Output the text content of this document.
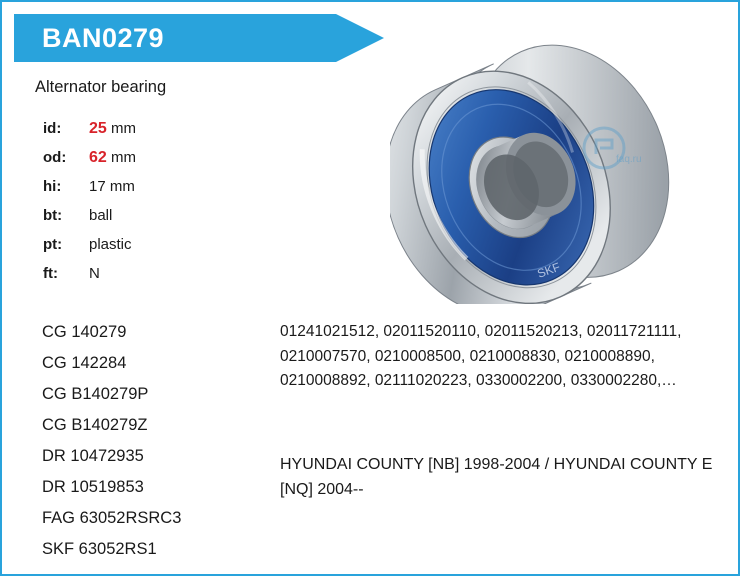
BAN0279
Alternator bearing
id:	25 mm
od:	62 mm
hi:	17 mm
bt:	ball
pt:	plastic
ft:	N
CG 140279
CG 142284
CG B140279P
CG B140279Z
DR 10472935
DR 10519853
FAG 63052RSRC3
SKF 63052RS1
01241021512, 02011520110, 02011520213, 02011721111, 0210007570, 0210008500, 0210008830, 0210008890, 0210008892, 02111020223, 0330002200, 0330002280,…
HYUNDAI COUNTY [NB] 1998-2004 / HYUNDAI COUNTY E [NQ] 2004--
SKF
faq.ru
